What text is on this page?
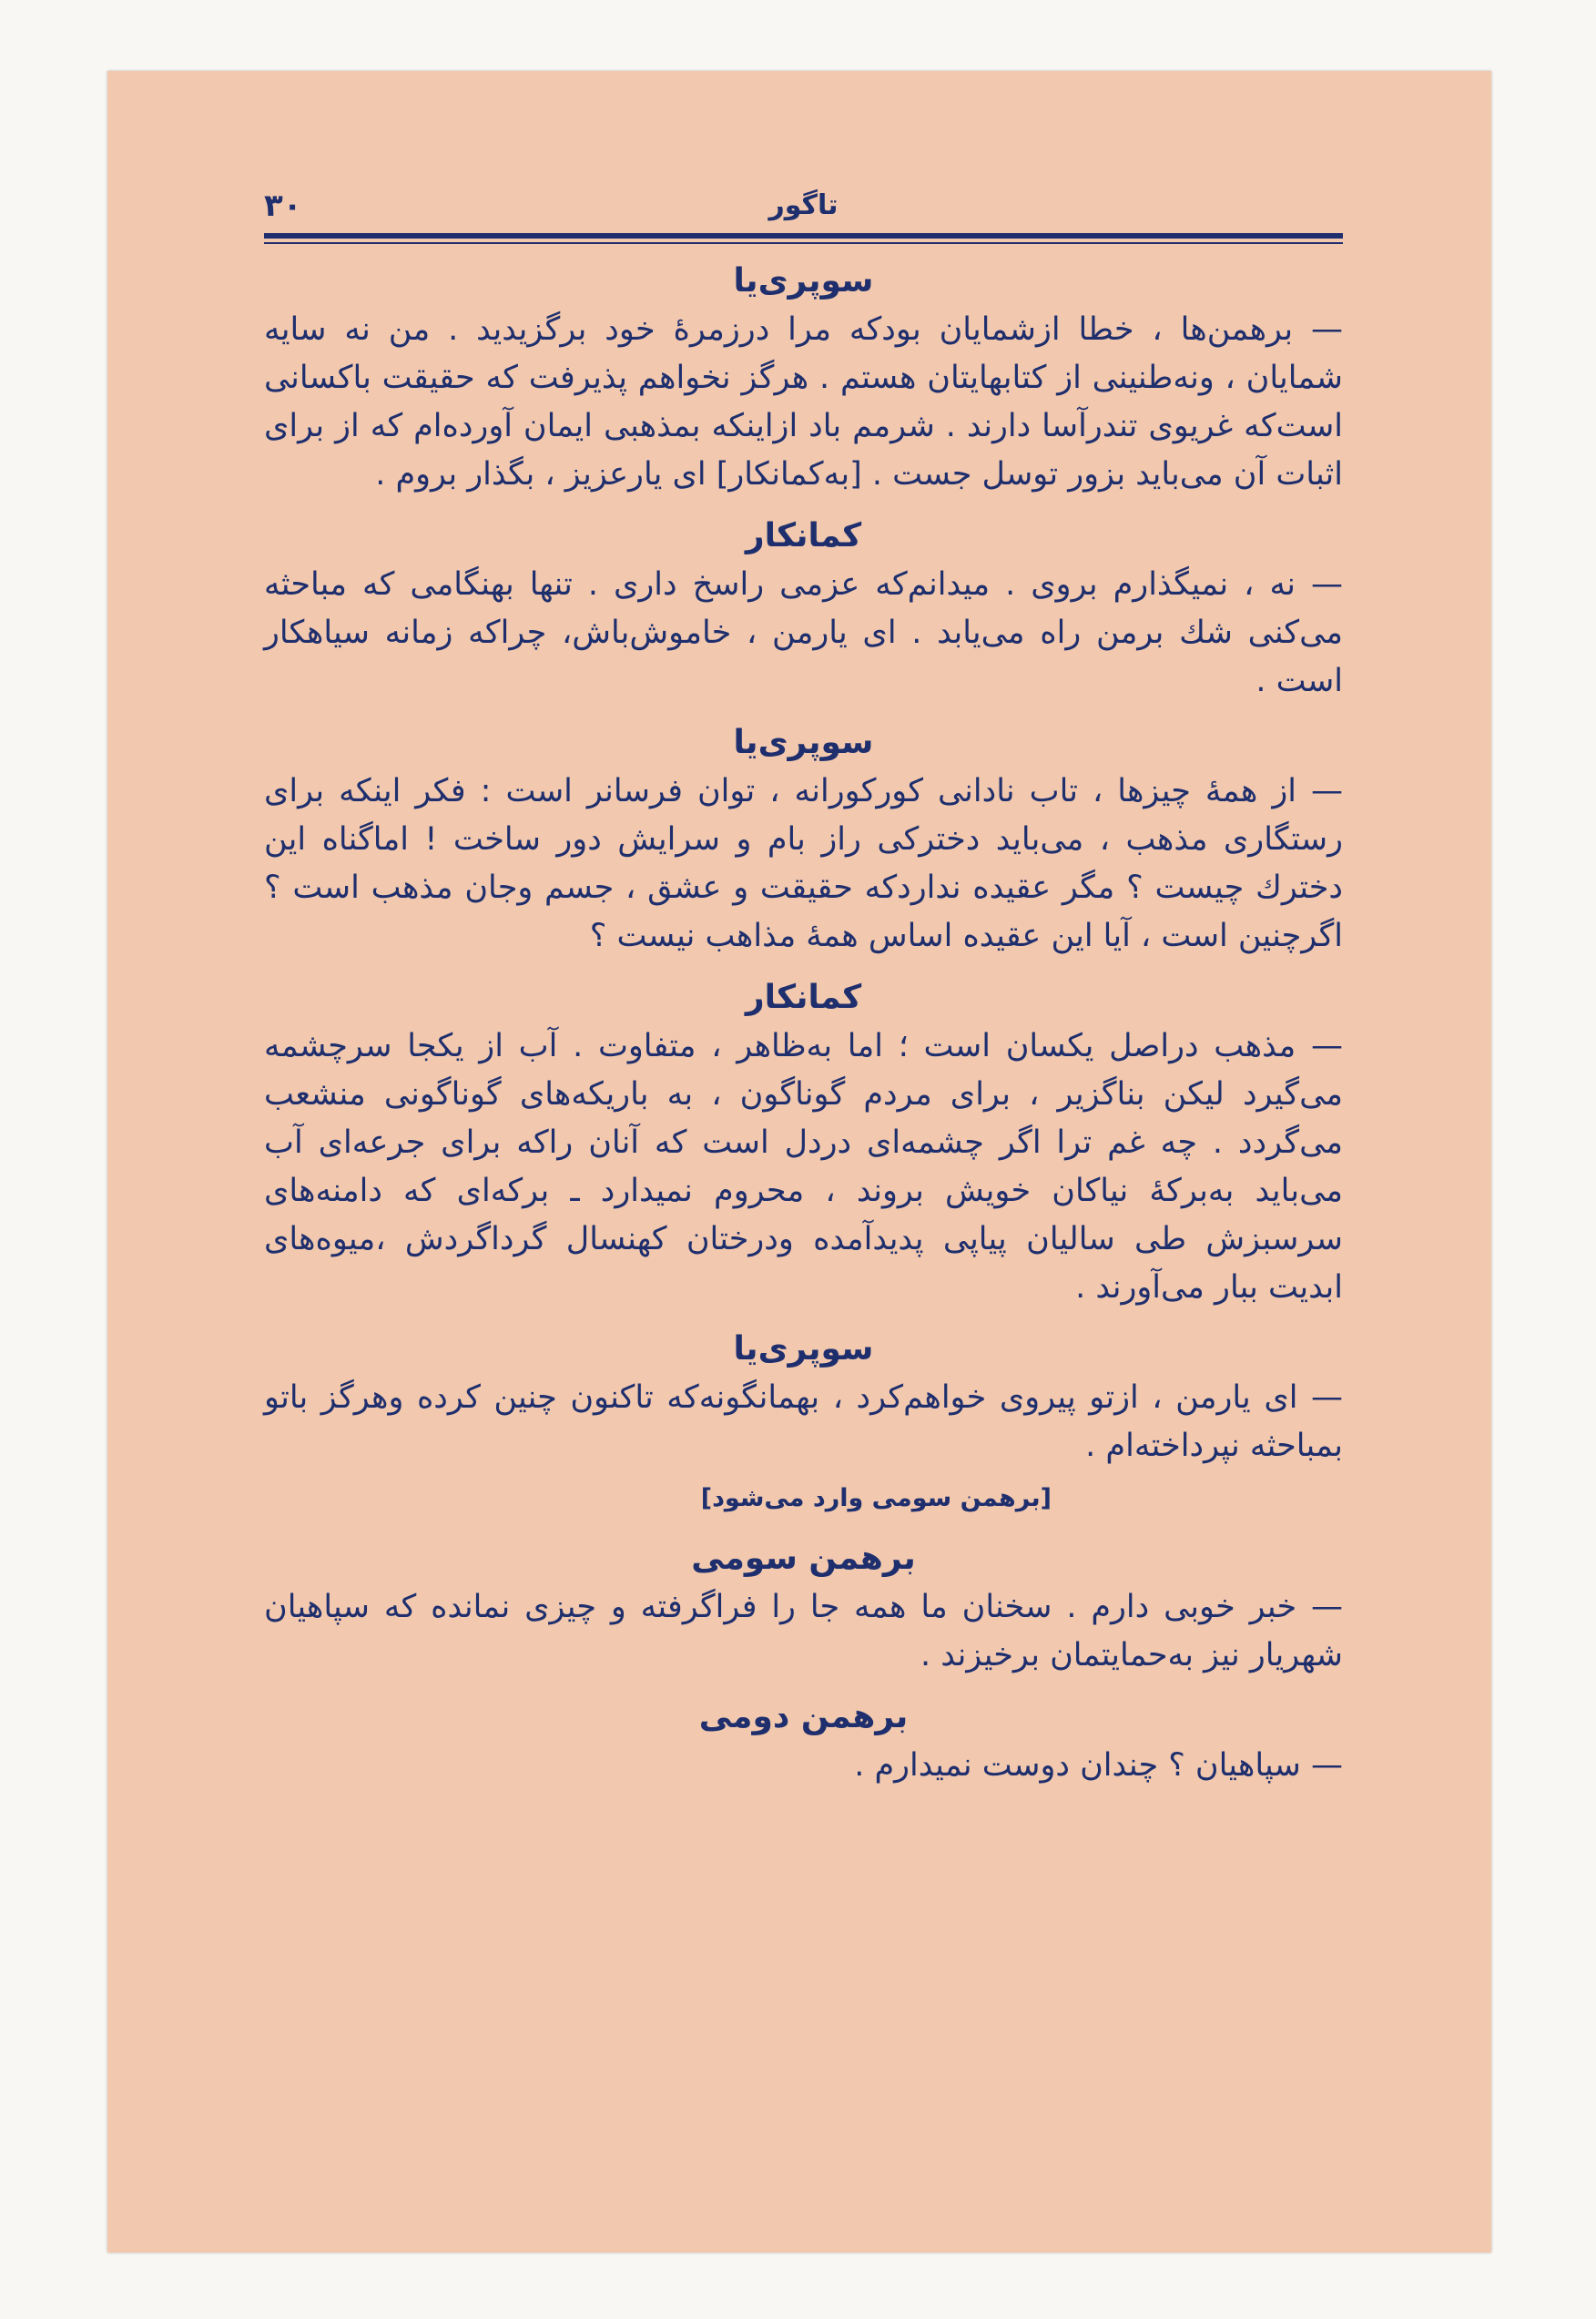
۳۰	تاگور
سوپری‌یا
— برهمن‌ها ، خطا ازشمایان بودکه مرا درزمرهٔ خود برگزیدید . من نه سایه شمایان ، ونه‌طنینی از کتابهایتان هستم . هرگز نخواهم پذیرفت که حقیقت باکسانی است‌که غریوی تندرآسا دارند . شرمم باد ازاینکه بمذهبی ایمان آورده‌ام که از برای اثبات آن می‌باید بزور توسل جست . [به‌کمانکار] ای یارعزیز ، بگذار بروم .
کمانکار
— نه ، نمیگذارم بروی . میدانم‌که عزمی راسخ داری . تنها بهنگامی که مباحثه می‌کنی شك برمن راه می‌یابد . ای یارمن ، خاموش‌باش، چراکه زمانه سیاهکار است .
سوپری‌یا
— از همهٔ چیزها ، تاب نادانی کورکورانه ، توان فرسانر است : فکر اینکه برای رستگاری مذهب ، می‌باید دخترکی راز بام و سرایش دور ساخت ! اماگناه این دخترك چیست ؟ مگر عقیده نداردکه حقیقت و عشق ، جسم وجان مذهب است ؟ اگرچنین است ، آیا این عقیده اساس همهٔ مذاهب نیست ؟
کمانکار
— مذهب دراصل یکسان است ؛ اما به‌ظاهر ، متفاوت . آب از یکجا سرچشمه می‌گیرد لیکن بناگزیر ، برای مردم گوناگون ، به باریکه‌های گوناگونی منشعب می‌گردد . چه غم ترا اگر چشمه‌ای دردل است که آنان راکه برای جرعه‌ای آب می‌باید به‌برکهٔ نیاکان خویش بروند ، محروم نمیدارد ـ برکه‌ای که دامنه‌های سرسبزش طی سالیان پیاپی پدیدآمده ودرختان کهنسال گرداگردش ،میوه‌های ابدیت ببار می‌آورند .
سوپری‌یا
— ای یارمن ، ازتو پیروی خواهم‌کرد ، بهمانگونه‌که تاکنون چنین کرده وهرگز باتو بمباحثه نپرداخته‌ام .
[برهمن سومی وارد می‌شود]
برهمن سومی
— خبر خوبی دارم . سخنان ما همه جا را فراگرفته و چیزی نمانده که سپاهیان شهریار نیز به‌حمایتمان برخیزند .
برهمن دومی
— سپاهیان ؟ چندان دوست نمیدارم .
